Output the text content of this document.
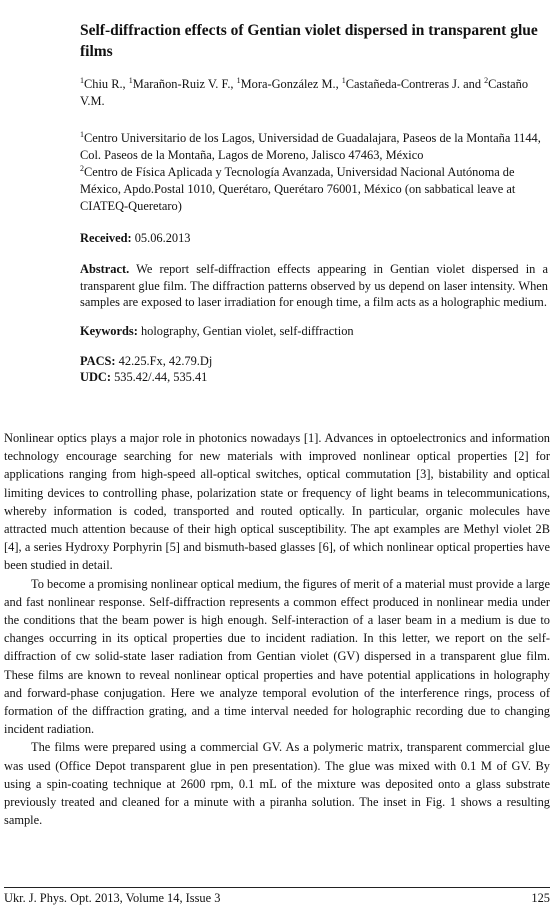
Self-diffraction effects of Gentian violet dispersed in transparent glue films
$^1$Chiu R., $^1$Marañon-Ruiz V. F., $^1$Mora-González M., $^1$Castañeda-Contreras J. and $^2$Castaño V.M.

$^1$Centro Universitario de los Lagos, Universidad de Guadalajara, Paseos de la Montaña 1144, Col. Paseos de la Montaña, Lagos de Moreno, Jalisco 47463, México

$^2$Centro de Física Aplicada y Tecnología Avanzada, Universidad Nacional Autónoma de México, Apdo.Postal 1010, Querétaro, Querétaro 76001, México (on sabbatical leave at CIATEQ-Queretaro)

Received: 05.06.2013
Abstract. We report self-diffraction effects appearing in Gentian violet dispersed in a transparent glue film. The diffraction patterns observed by us depend on laser intensity. When samples are exposed to laser irradiation for enough time, a film acts as a holographic medium.
Keywords: holography, Gentian violet, self-diffraction
PACS: 42.25.Fx, 42.79.Dj
UDC: 535.42/.44, 535.41

Nonlinear optics plays a major role in photonics nowadays [1]. Advances in optoelectronics and information technology encourage searching for new materials with improved nonlinear optical properties [2] for applications ranging from high-speed all-optical switches, optical commutation [3], bistability and optical limiting devices to controlling phase, polarization state or frequency of light beams in telecommunications, whereby information is coded, transported and routed optically. In particular, organic molecules have attracted much attention because of their high optical susceptibility. The apt examples are Methyl violet 2B [4], a series Hydroxy Porphyrin [5] and bismuth-based glasses [6], of which nonlinear optical properties have been studied in detail.

To become a promising nonlinear optical medium, the figures of merit of a material must provide a large and fast nonlinear response. Self-diffraction represents a common effect produced in nonlinear media under the conditions that the beam power is high enough. Self-interaction of a laser beam in a medium is due to changes occurring in its optical properties due to incident radiation. In this letter, we report on the self-diffraction of cw solid-state laser radiation from Gentian violet (GV) dispersed in a transparent glue film. These films are known to reveal nonlinear optical properties and have potential applications in holography and forward-phase conjugation. Here we analyze temporal evolution of the interference rings, process of formation of the diffraction grating, and a time interval needed for holographic recording due to changing incident radiation.

The films were prepared using a commercial GV. As a polymeric matrix, transparent commercial glue was used (Office Depot transparent glue in pen presentation). The glue was mixed with 0.1 M of GV. By using a spin-coating technique at 2600 rpm, 0.1 mL of the mixture was deposited onto a glass substrate previously treated and cleaned for a minute with a piranha solution. The inset in Fig. 1 shows a resulting sample.

Ukr. J. Phys. Opt. 2013, Volume 14, Issue 3	125
